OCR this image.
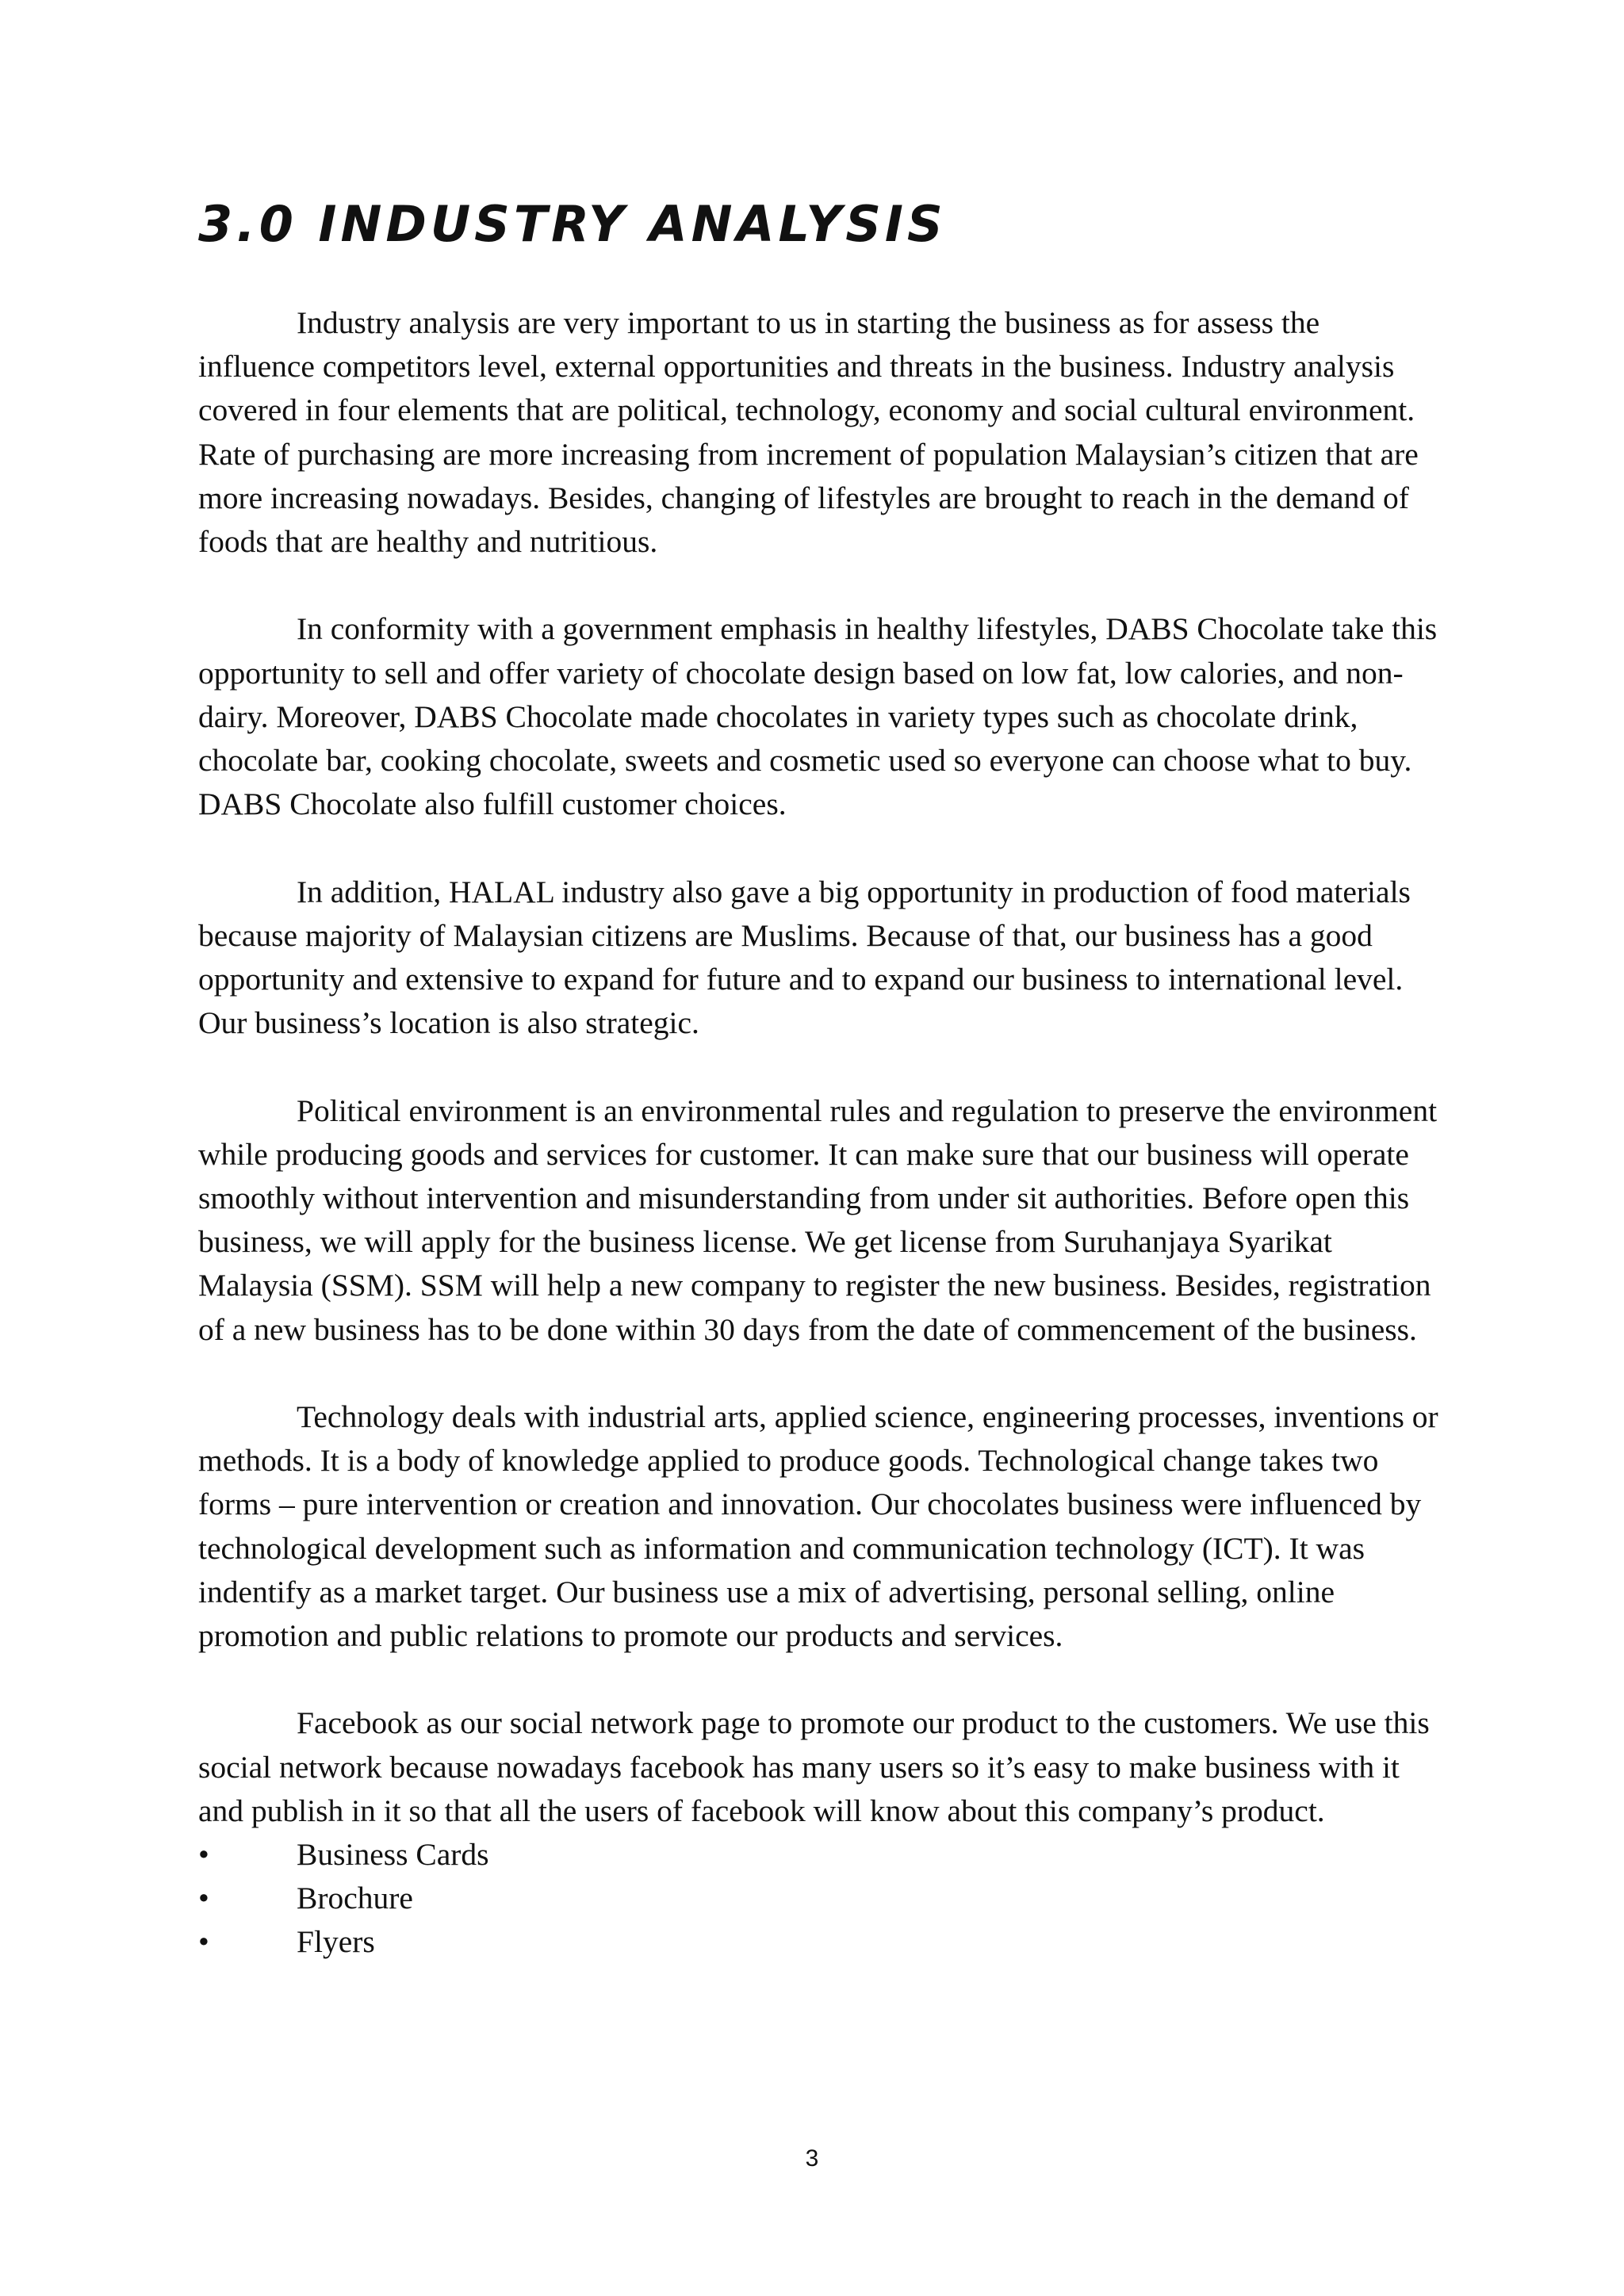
3.0 INDUSTRY ANALYSIS

Industry analysis are very important to us in starting the business as for assess the influence competitors level, external opportunities and threats in the business. Industry analysis covered in four elements that are political, technology, economy and social cultural environment. Rate of purchasing are more increasing from increment of population Malaysian’s citizen that are more increasing nowadays. Besides, changing of lifestyles are brought to reach in the demand of foods that are healthy and nutritious.

In conformity with a government emphasis in healthy lifestyles, DABS Chocolate take this opportunity to sell and offer variety of chocolate design based on low fat, low calories, and non-dairy. Moreover, DABS Chocolate made chocolates in variety types such as chocolate drink, chocolate bar, cooking chocolate, sweets and cosmetic used so everyone can choose what to buy. DABS Chocolate also fulfill customer choices.

In addition, HALAL industry also gave a big opportunity in production of food materials because majority of Malaysian citizens are Muslims. Because of that, our business has a good opportunity and extensive to expand for future and to expand our business to international level. Our business’s location is also strategic.

Political environment is an environmental rules and regulation to preserve the environment while producing goods and services for customer. It can make sure that our business will operate smoothly without intervention and misunderstanding from under sit authorities. Before open this business, we will apply for the business license. We get license from Suruhanjaya Syarikat Malaysia (SSM). SSM will help a new company to register the new business. Besides, registration of a new business has to be done within 30 days from the date of commencement of the business.

Technology deals with industrial arts, applied science, engineering processes, inventions or methods. It is a body of knowledge applied to produce goods. Technological change takes two forms – pure intervention or creation and innovation. Our chocolates business were influenced by technological development such as information and communication technology (ICT). It was indentify as a market target. Our business use a mix of advertising, personal selling, online promotion and public relations to promote our products and services.

Facebook as our social network page to promote our product to the customers. We use this social network because nowadays facebook has many users so it’s easy to make business with it and publish in it so that all the users of facebook will know about this company’s product.

•	Business Cards
•	Brochure
•	Flyers
3
